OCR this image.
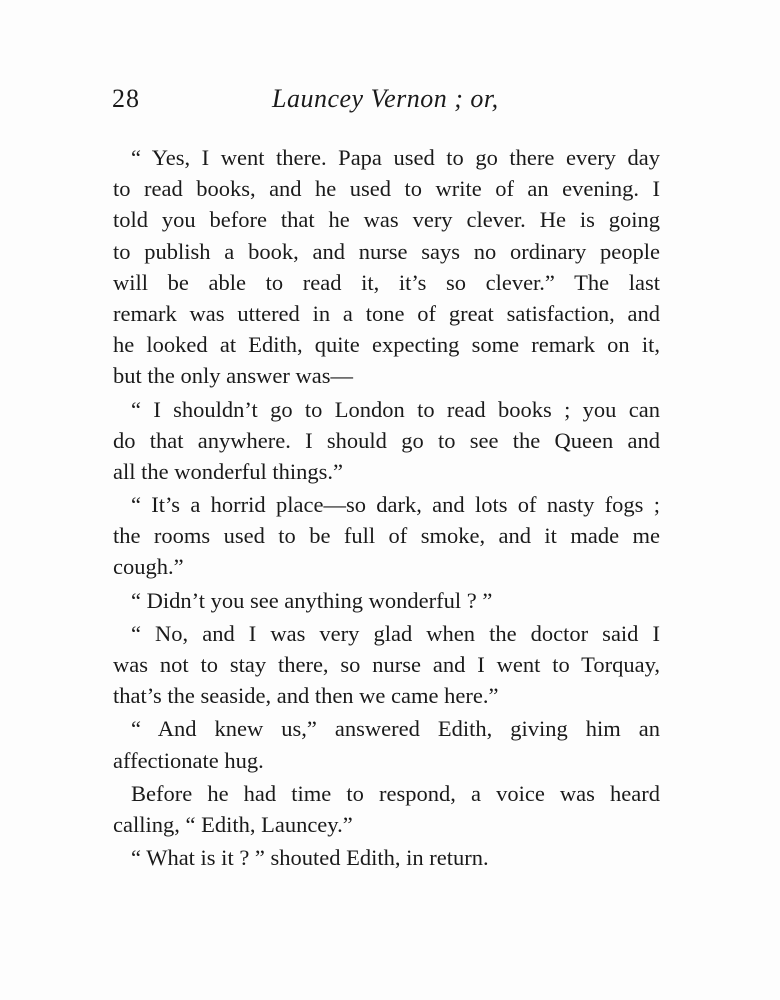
28	Launcey Vernon ; or,
“ Yes, I went there. Papa used to go there every day
to read books, and he used to write of an evening. I
told you before that he was very clever. He is going
to publish a book, and nurse says no ordinary people
will be able to read it, it’s so clever.” The last
remark was uttered in a tone of great satisfaction, and
he looked at Edith, quite expecting some remark on it,
but the only answer was—
“ I shouldn’t go to London to read books ; you can
do that anywhere. I should go to see the Queen and
all the wonderful things.”
“ It’s a horrid place—so dark, and lots of nasty fogs ;
the rooms used to be full of smoke, and it made me
cough.”
“ Didn’t you see anything wonderful ? ”
“ No, and I was very glad when the doctor said I
was not to stay there, so nurse and I went to Torquay,
that’s the seaside, and then we came here.”
“ And knew us,” answered Edith, giving him an
affectionate hug.
Before he had time to respond, a voice was heard
calling, “ Edith, Launcey.”
“ What is it ? ” shouted Edith, in return.
